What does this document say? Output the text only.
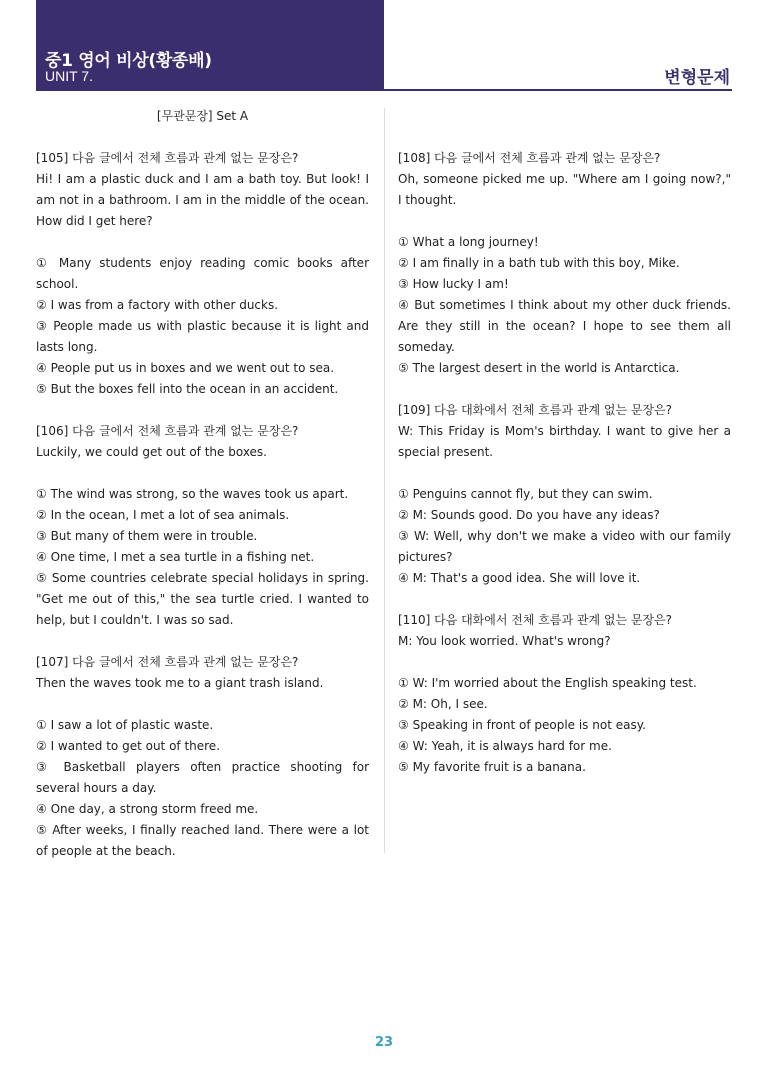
중1 영어 비상(황종배)
UNIT 7.	변형문제
[무관문장] Set A

[105] 다음 글에서 전체 흐름과 관계 없는 문장은?

Hi! I am a plastic duck and I am a bath toy. But look! I am not in a bathroom. I am in the middle of the ocean. How did I get here?

① Many students enjoy reading comic books after school.

② I was from a factory with other ducks.

③ People made us with plastic because it is light and lasts long.

④ People put us in boxes and we went out to sea.

⑤ But the boxes fell into the ocean in an accident.

[106] 다음 글에서 전체 흐름과 관계 없는 문장은?

Luckily, we could get out of the boxes.

① The wind was strong, so the waves took us apart.

② In the ocean, I met a lot of sea animals.

③ But many of them were in trouble.

④ One time, I met a sea turtle in a fishing net.

⑤ Some countries celebrate special holidays in spring. "Get me out of this," the sea turtle cried. I wanted to help, but I couldn't. I was so sad.

[107] 다음 글에서 전체 흐름과 관계 없는 문장은?

Then the waves took me to a giant trash island.

① I saw a lot of plastic waste.

② I wanted to get out of there.

③ Basketball players often practice shooting for several hours a day.

④ One day, a strong storm freed me.

⑤ After weeks, I finally reached land. There were a lot of people at the beach.

[108] 다음 글에서 전체 흐름과 관계 없는 문장은?

Oh, someone picked me up. "Where am I going now?," I thought.

① What a long journey!

② I am finally in a bath tub with this boy, Mike.

③ How lucky I am!

④ But sometimes I think about my other duck friends. Are they still in the ocean? I hope to see them all someday.

⑤ The largest desert in the world is Antarctica.

[109] 다음 대화에서 전체 흐름과 관계 없는 문장은?

W: This Friday is Mom's birthday. I want to give her a special present.

① Penguins cannot fly, but they can swim.

② M: Sounds good. Do you have any ideas?

③ W: Well, why don't we make a video with our family pictures?

④ M: That's a good idea. She will love it.

[110] 다음 대화에서 전체 흐름과 관계 없는 문장은?

M: You look worried. What's wrong?

① W: I'm worried about the English speaking test.

② M: Oh, I see.

③ Speaking in front of people is not easy.

④ W: Yeah, it is always hard for me.

⑤ My favorite fruit is a banana.

23
